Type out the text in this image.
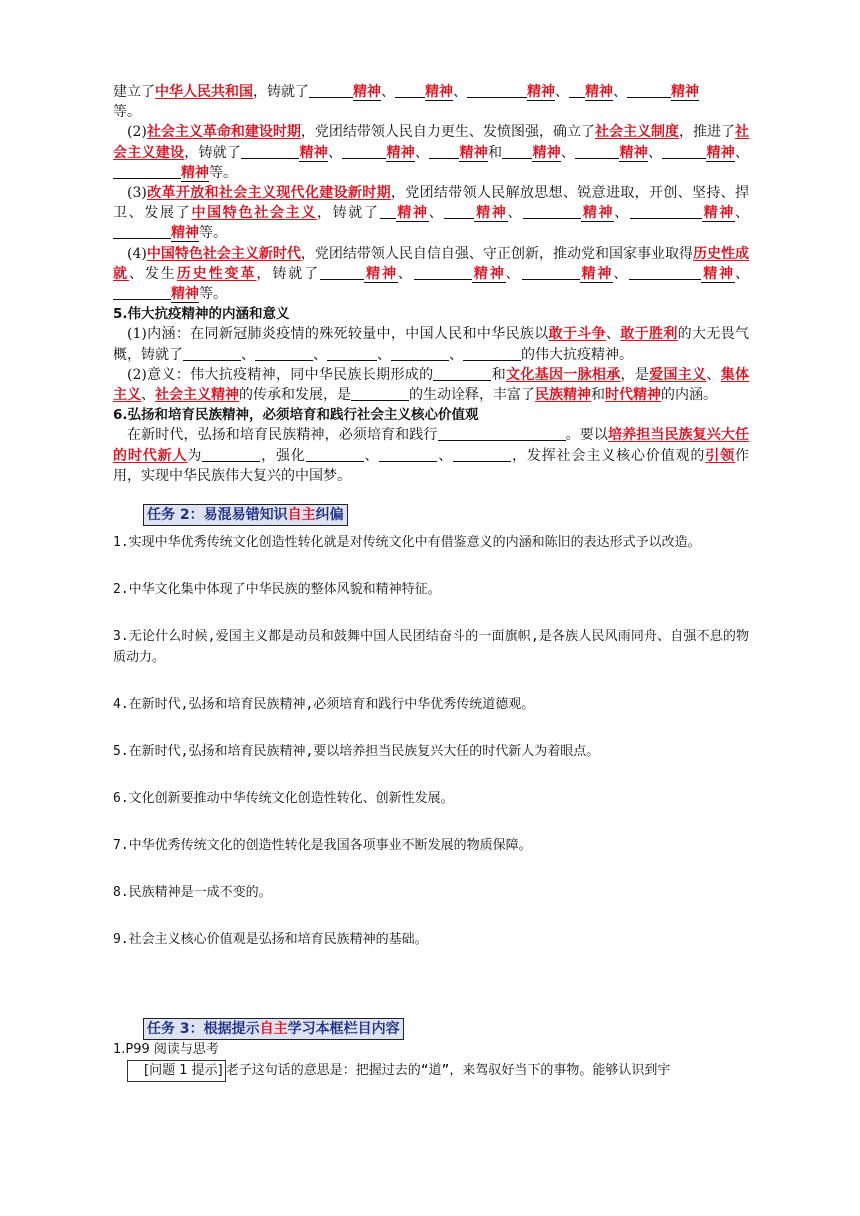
建立了中华人民共和国，铸就了	精神、 精神、	精神、 精神、	精神

等。

(2)社会主义革命和建设时期，党团结带领人民自力更生、发愤图强，确立了社会主义制度，推进了社会主义建设，铸就了	精神、	精神、 精神和 精神、	精神、	精神、精神等。

(3)改革开放和社会主义现代化建设新时期，党团结带领人民解放思想、锐意进取，开创、坚持、捍卫、发展了中国特色社会主义，铸就了 精神、 精神、	精神、	精神、精神等。

(4)中国特色社会主义新时代，党团结带领人民自信自强、守正创新，推动党和国家事业取得历史性成就、发生历史性变革，铸就了	精神、	精神、	精神、	精神、精神等。

5.伟大抗疫精神的内涵和意义

(1)内涵：在同新冠肺炎疫情的殊死较量中，中国人民和中华民族以敢于斗争、敢于胜利的大无畏气概，铸就了	、	、	、	、	的伟大抗疫精神。

(2)意义：伟大抗疫精神，同中华民族长期形成的	和文化基因一脉相承，是爱国主义、集体主义、社会主义精神的传承和发展，是	的生动诠释，丰富了民族精神和时代精神的内涵。

6.弘扬和培育民族精神，必须培育和践行社会主义核心价值观

在新时代，弘扬和培育民族精神，必须培育和践行	。要以培养担当民族复兴大任的时代新人为	，强化	、	、	，发挥社会主义核心价值观的引领作用，实现中华民族伟大复兴的中国梦。

任务 2：易混易错知识自主纠偏

1.实现中华优秀传统文化创造性转化就是对传统文化中有借鉴意义的内涵和陈旧的表达形式予以改造。

2.中华文化集中体现了中华民族的整体风貌和精神特征。

3.无论什么时候,爱国主义都是动员和鼓舞中国人民团结奋斗的一面旗帜,是各族人民风雨同舟、自强不息的物质动力。

4.在新时代,弘扬和培育民族精神,必须培育和践行中华优秀传统道德观。

5.在新时代,弘扬和培育民族精神,要以培养担当民族复兴大任的时代新人为着眼点。

6.文化创新要推动中华传统文化创造性转化、创新性发展。

7.中华优秀传统文化的创造性转化是我国各项事业不断发展的物质保障。

8.民族精神是一成不变的。

9.社会主义核心价值观是弘扬和培育民族精神的基础。

任务 3：根据提示自主学习本框栏目内容

1.P99 阅读与思考

[问题 1 提示] 老子这句话的意思是：把握过去的“道”，来驾驭好当下的事物。能够认识到宇
